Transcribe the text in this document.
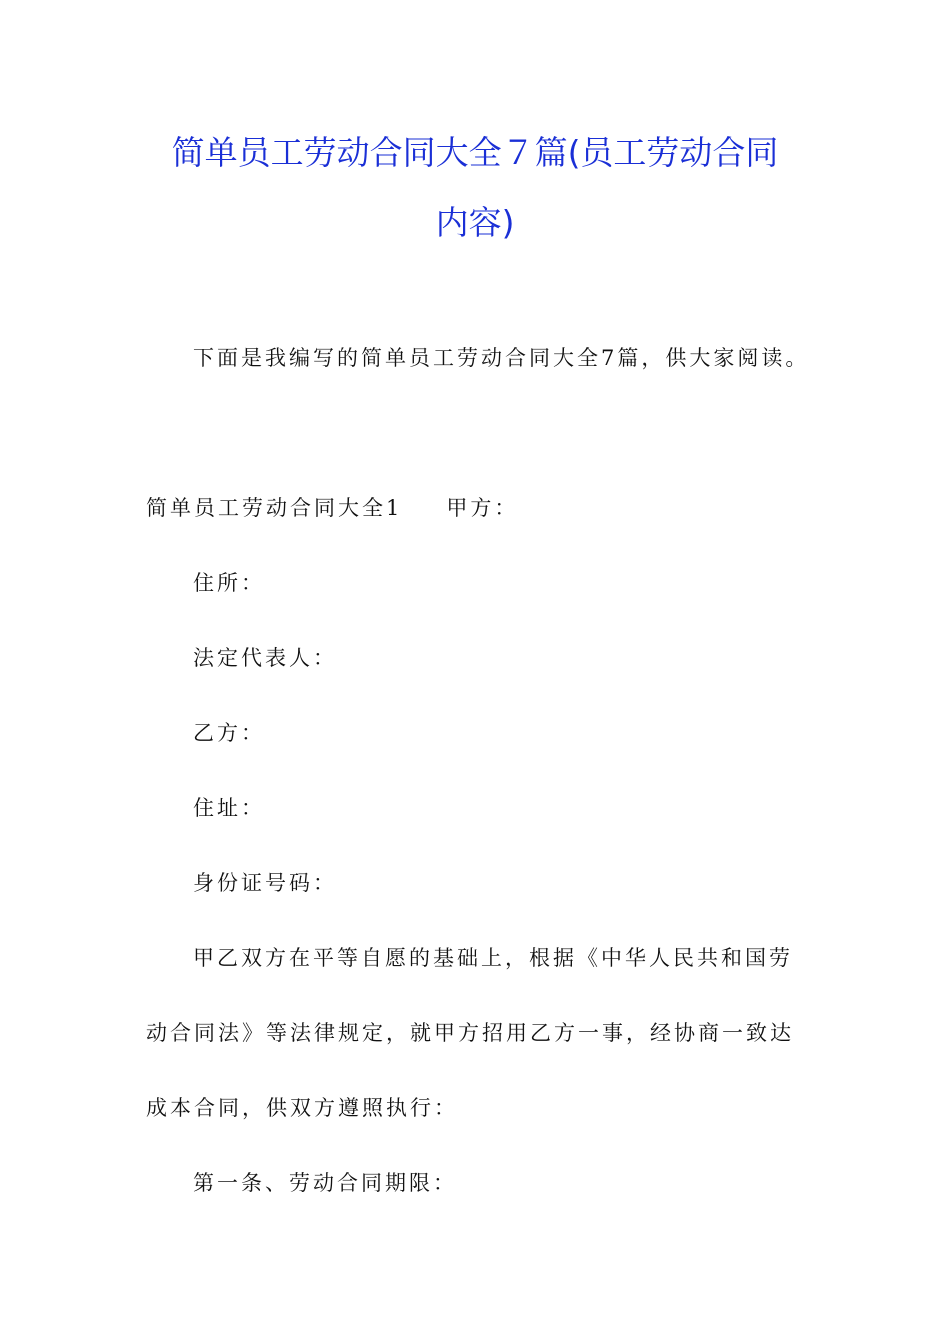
简单员工劳动合同大全７篇(员工劳动合同
内容)
下面是我编写的简单员工劳动合同大全7篇，供大家阅读。
简单员工劳动合同大全1 甲方：
住所：
法定代表人：
乙方：
住址：
身份证号码：
甲乙双方在平等自愿的基础上，根据《中华人民共和国劳
动合同法》等法律规定，就甲方招用乙方一事，经协商一致达
成本合同，供双方遵照执行：
第一条、劳动合同期限：
